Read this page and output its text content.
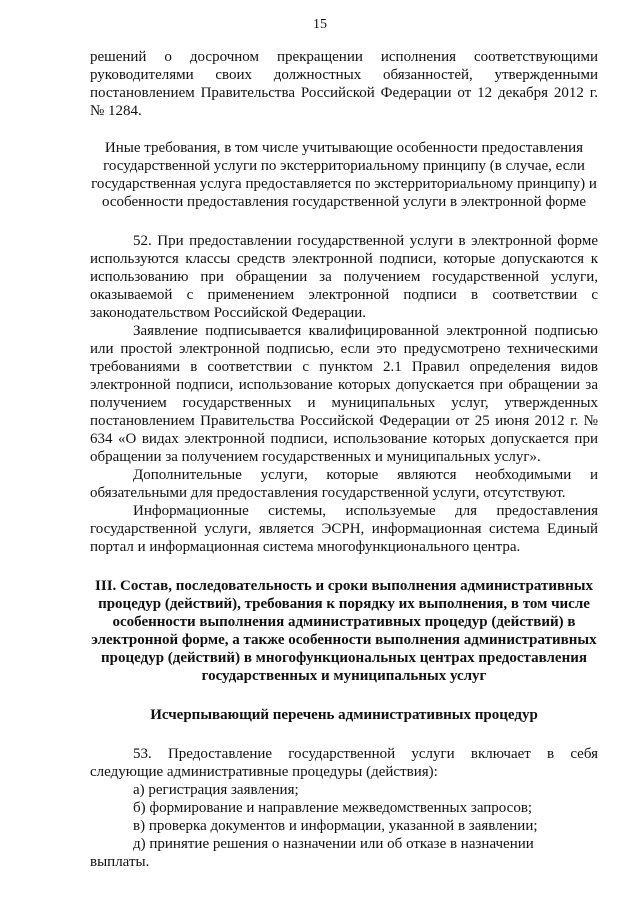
15

решений о досрочном прекращении исполнения соответствующими руководителями своих должностных обязанностей, утвержденными постановлением Правительства Российской Федерации от 12 декабря 2012 г. № 1284.

Иные требования, в том числе учитывающие особенности предоставления государственной услуги по экстерриториальному принципу (в случае, если государственная услуга предоставляется по экстерриториальному принципу) и особенности предоставления государственной услуги в электронной форме

52. При предоставлении государственной услуги в электронной форме используются классы средств электронной подписи, которые допускаются к использованию при обращении за получением государственной услуги, оказываемой с применением электронной подписи в соответствии с законодательством Российской Федерации.

Заявление подписывается квалифицированной электронной подписью или простой электронной подписью, если это предусмотрено техническими требованиями в соответствии с пунктом 2.1 Правил определения видов электронной подписи, использование которых допускается при обращении за получением государственных и муниципальных услуг, утвержденных постановлением Правительства Российской Федерации от 25 июня 2012 г. № 634 «О видах электронной подписи, использование которых допускается при обращении за получением государственных и муниципальных услуг».

Дополнительные услуги, которые являются необходимыми и обязательными для предоставления государственной услуги, отсутствуют.

Информационные системы, используемые для предоставления государственной услуги, является ЭСРН, информационная система Единый портал и информационная система многофункционального центра.

III. Состав, последовательность и сроки выполнения административных процедур (действий), требования к порядку их выполнения, в том числе особенности выполнения административных процедур (действий) в электронной форме, а также особенности выполнения административных процедур (действий) в многофункциональных центрах предоставления государственных и муниципальных услуг

Исчерпывающий перечень административных процедур

53. Предоставление государственной услуги включает в себя следующие административные процедуры (действия):

а) регистрация заявления;

б) формирование и направление межведомственных запросов;

в) проверка документов и информации, указанной в заявлении;

д) принятие решения о назначении или об отказе в назначении

выплаты.
